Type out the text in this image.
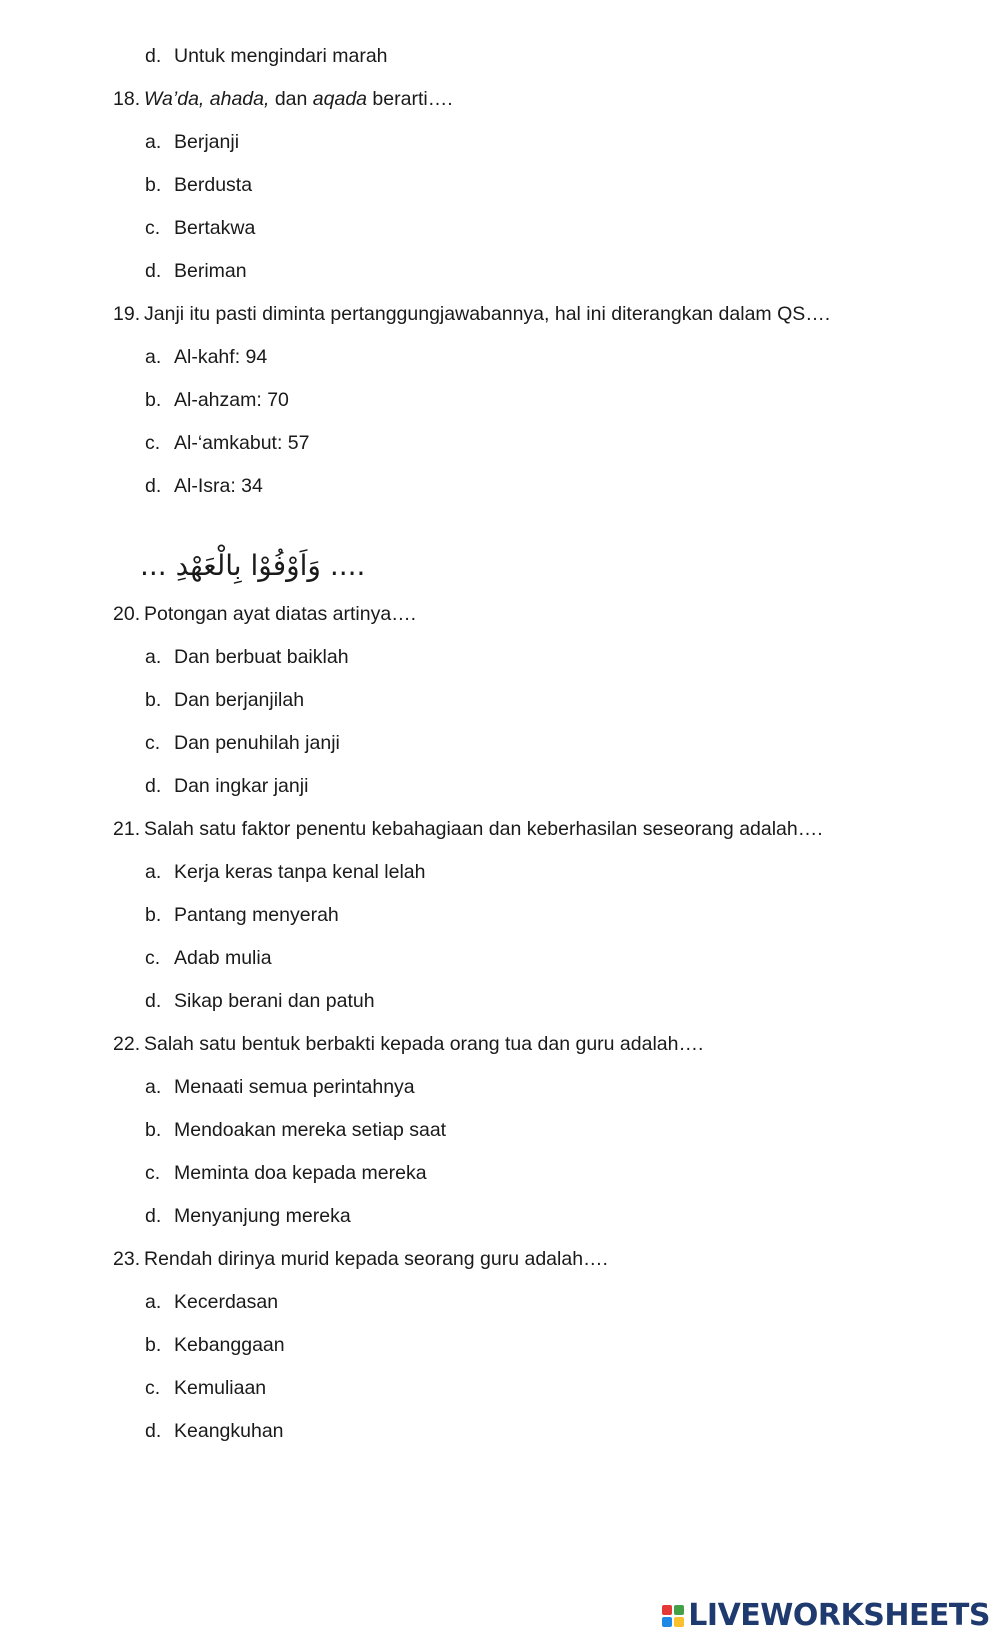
d. Untuk mengindari marah
18. Wa’da, ahada, dan aqada berarti….
a. Berjanji
b. Berdusta
c. Bertakwa
d. Beriman
19. Janji itu pasti diminta pertanggungjawabannya, hal ini diterangkan dalam QS….
a. Al-kahf: 94
b. Al-ahzam: 70
c. Al-‘amkabut: 57
d. Al-Isra: 34
20. Potongan ayat diatas artinya….
a. Dan berbuat baiklah
b. Dan berjanjilah
c. Dan penuhilah janji
d. Dan ingkar janji
21. Salah satu faktor penentu kebahagiaan dan keberhasilan seseorang adalah….
a. Kerja keras tanpa kenal lelah
b. Pantang menyerah
c. Adab mulia
d. Sikap berani dan patuh
22. Salah satu bentuk berbakti kepada orang tua dan guru adalah….
a. Menaati semua perintahnya
b. Mendoakan mereka setiap saat
c. Meminta doa kepada mereka
d. Menyanjung mereka
23. Rendah dirinya murid kepada seorang guru adalah….
a. Kecerdasan
b. Kebanggaan
c. Kemuliaan
d. Keangkuhan
... وَاَوْفُوْا بِالْعَهْدِ ....
LIVEWORKSHEETS
